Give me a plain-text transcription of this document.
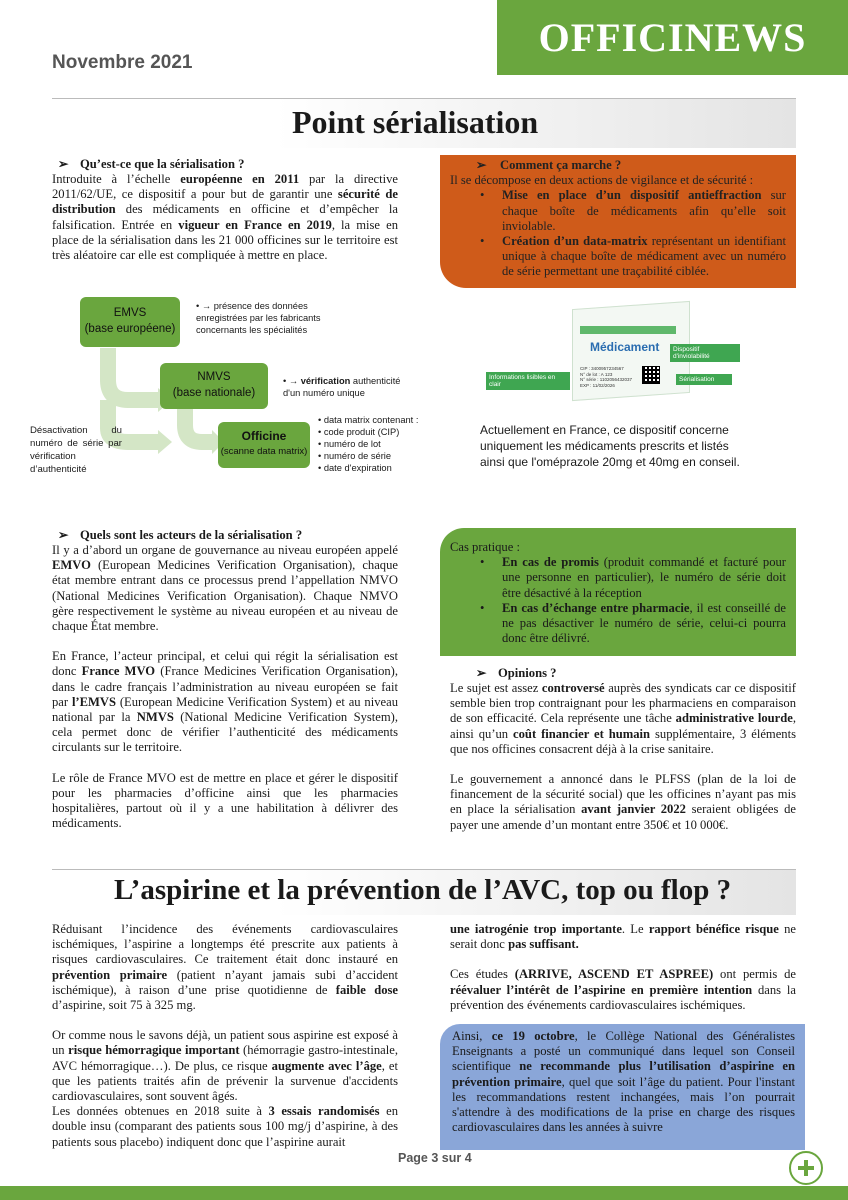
Novembre 2021
OFFICINEWS
Point sérialisation
➢ Qu’est-ce que la sérialisation ?

Introduite à l’échelle européenne en 2011 par la directive 2011/62/UE, ce dispositif a pour but de garantir une sécurité de distribution des médicaments en officine et d’empêcher la falsification. Entrée en vigueur en France en 2019, la mise en place de la sérialisation dans les 21 000 officines sur le territoire est très aléatoire car elle est compliquée à mettre en place.

➢ Comment ça marche ?
Il se décompose en deux actions de vigilance et de sécurité :
• Mise en place d’un dispositif antieffraction sur chaque boîte de médicaments afin qu’elle soit inviolable.
• Création d’un data-matrix représentant un identifiant unique à chaque boîte de médicament avec un numéro de série permettant une traçabilité ciblée.
EMVS
(base européene)
• → présence des données enregistrées par les fabricants concernants les spécialités
NMVS
(base nationale)
• → vérification authenticité d'un numéro unique
Officine
(scanne data matrix)
• data matrix contenant :
• code produit (CIP)
• numéro de lot
• numéro de série
• date d'expiration
Désactivation du numéro de série par vérification d’authenticité
Médicament
CIP : 3400957234567
N° de lot : A 123
N° série : 1102056432037
EXP : 11/02/2026
Dispositif d'inviolabilité
Informations lisibles en clair
Sérialisation
Actuellement en France, ce dispositif concerne uniquement les médicaments prescrits et listés ainsi que l'oméprazole 20mg et 40mg en conseil.
➢ Quels sont les acteurs de la sérialisation ?

Il y a d’abord un organe de gouvernance au niveau européen appelé EMVO (European Medicines Verification Organisation), chaque état membre entrant dans ce processus prend l’appellation NMVO (National Medicines Verification Organisation). Chaque NMVO gère respectivement le système au niveau européen et au niveau de chaque État membre.

En France, l’acteur principal, et celui qui régit la sérialisation est donc France MVO (France Medicines Verification Organisation), dans le cadre français l’administration au niveau européen se fait par l’EMVS (European Medicine Verification System) et au niveau national par la NMVS (National Medicine Verification System), cela permet donc de vérifier l’authenticité des médicaments circulants sur le territoire.

Le rôle de France MVO est de mettre en place et gérer le dispositif pour les pharmacies d’officine ainsi que les pharmacies hospitalières, partout où il y a une habilitation à délivrer des médicaments.

Cas pratique :
• En cas de promis (produit commandé et facturé pour une personne en particulier), le numéro de série doit être désactivé à la réception
• En cas d’échange entre pharmacie, il est conseillé de ne pas désactiver le numéro de série, celui-ci pourra donc être délivré.
➢ Opinions ?

Le sujet est assez controversé auprès des syndicats car ce dispositif semble bien trop contraignant pour les pharmaciens en comparaison de son efficacité. Cela représente une tâche administrative lourde, ainsi qu’un coût financier et humain supplémentaire, 3 éléments que nos officines consacrent déjà à la crise sanitaire.

Le gouvernement a annoncé dans le PLFSS (plan de la loi de financement de la sécurité social) que les officines n’ayant pas mis en place la sérialisation avant janvier 2022 seraient obligées de payer une amende d’un montant entre 350€ et 10 000€.

L’aspirine et la prévention de l’AVC, top ou flop ?

Réduisant l’incidence des événements cardiovasculaires ischémiques, l’aspirine a longtemps été prescrite aux patients à risques cardiovasculaires. Ce traitement était donc instauré en prévention primaire (patient n’ayant jamais subi d’accident ischémique), à raison d’une prise quotidienne de faible dose d’aspirine, soit 75 à 325 mg.

Or comme nous le savons déjà, un patient sous aspirine est exposé à un risque hémorragique important (hémorragie gastro-intestinale, AVC hémorragique…). De plus, ce risque augmente avec l’âge, et que les patients traités afin de prévenir la survenue d'accidents cardiovasculaires, sont souvent âgés.
Les données obtenues en 2018 suite à 3 essais randomisés en double insu (comparant des patients sous 100 mg/j d’aspirine, à des patients sous placebo) indiquent donc que l’aspirine aurait

une iatrogénie trop importante. Le rapport bénéfice risque ne serait donc pas suffisant.

Ces études (ARRIVE, ASCEND ET ASPREE) ont permis de réévaluer l’intérêt de l’aspirine en première intention dans la prévention des événements cardiovasculaires ischémiques.

Ainsi, ce 19 octobre, le Collège National des Généralistes Enseignants a posté un communiqué dans lequel son Conseil scientifique ne recommande plus l’utilisation d’aspirine en prévention primaire, quel que soit l’âge du patient. Pour l'instant les recommandations restent inchangées, mais l’on pourrait s'attendre à des modifications de la prise en charge des risques cardiovasculaires dans les années à suivre
Page 3 sur 4
